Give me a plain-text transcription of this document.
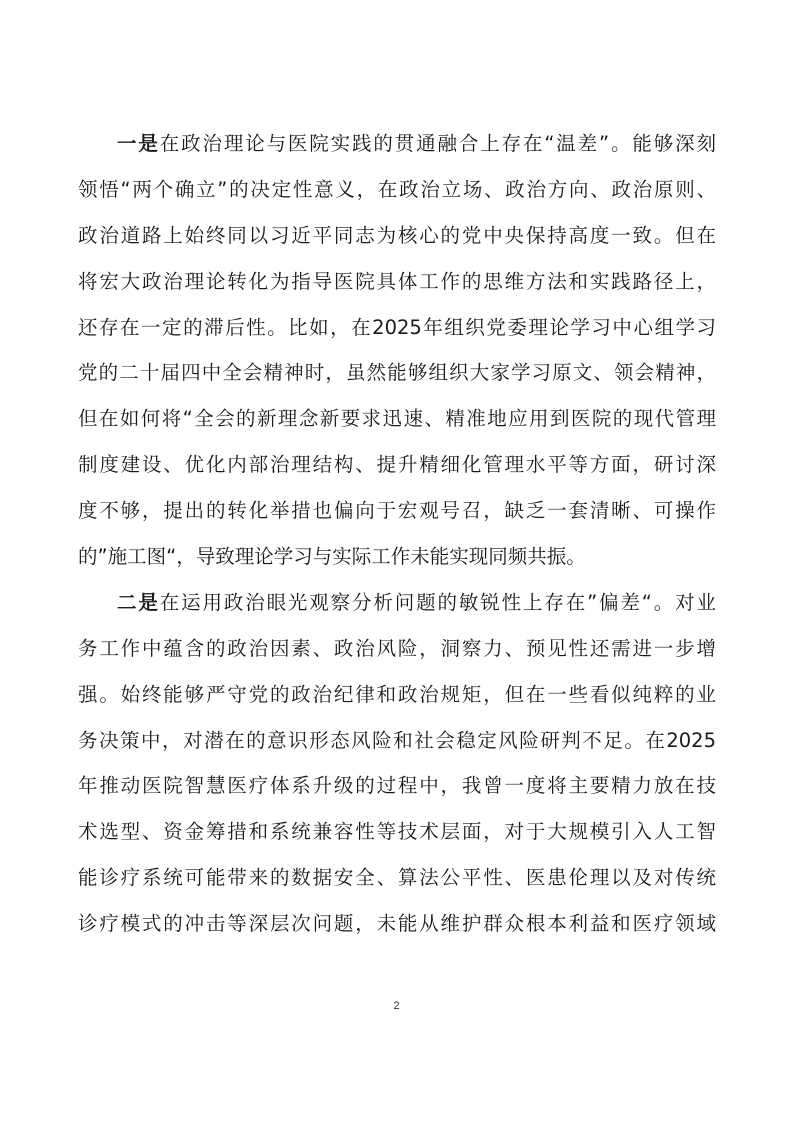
一是在政治理论与医院实践的贯通融合上存在“温差”。能够深刻
领悟“两个确立”的决定性意义，在政治立场、政治方向、政治原则、
政治道路上始终同以习近平同志为核心的党中央保持高度一致。但在
将宏大政治理论转化为指导医院具体工作的思维方法和实践路径上，
还存在一定的滞后性。比如，在2025年组织党委理论学习中心组学习
党的二十届四中全会精神时，虽然能够组织大家学习原文、领会精神，
但在如何将“全会的新理念新要求迅速、精准地应用到医院的现代管理
制度建设、优化内部治理结构、提升精细化管理水平等方面，研讨深
度不够，提出的转化举措也偏向于宏观号召，缺乏一套清晰、可操作
的”施工图“，导致理论学习与实际工作未能实现同频共振。
二是在运用政治眼光观察分析问题的敏锐性上存在”偏差“。对业
务工作中蕴含的政治因素、政治风险，洞察力、预见性还需进一步增
强。始终能够严守党的政治纪律和政治规矩，但在一些看似纯粹的业
务决策中，对潜在的意识形态风险和社会稳定风险研判不足。在2025
年推动医院智慧医疗体系升级的过程中，我曾一度将主要精力放在技
术选型、资金筹措和系统兼容性等技术层面，对于大规模引入人工智
能诊疗系统可能带来的数据安全、算法公平性、医患伦理以及对传统
诊疗模式的冲击等深层次问题，未能从维护群众根本利益和医疗领域
2
